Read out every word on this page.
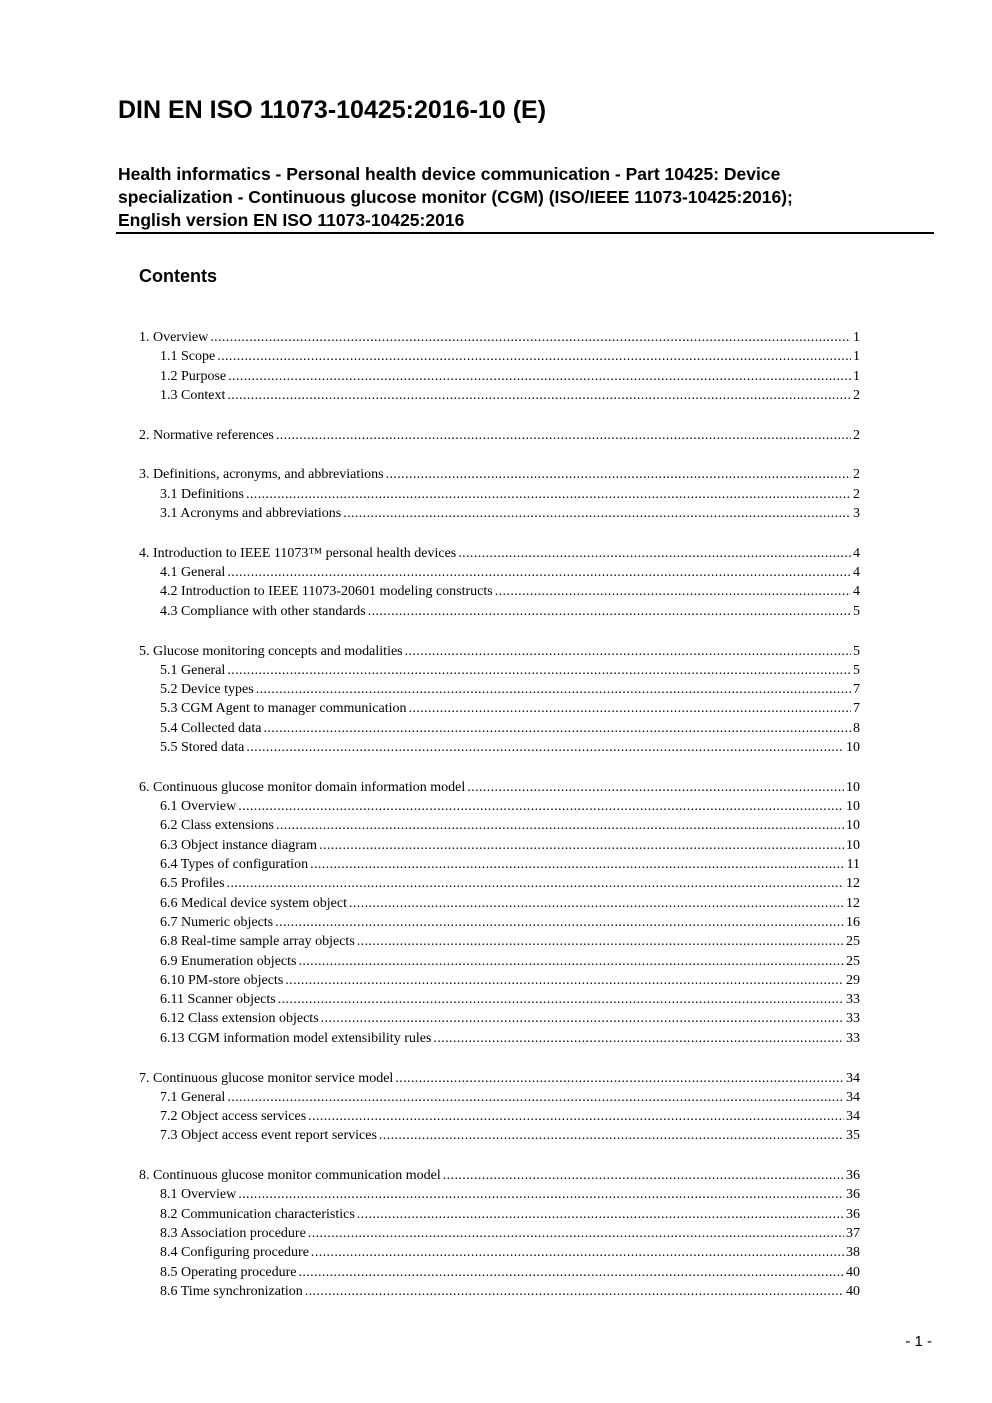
DIN EN ISO 11073-10425:2016-10 (E)
Health informatics - Personal health device communication - Part 10425: Device
specialization - Continuous glucose monitor (CGM) (ISO/IEEE 11073-10425:2016);
English version EN ISO 11073-10425:2016
Contents
1. Overview .....	1
1.1 Scope .....	1
1.2 Purpose .....	1
1.3 Context .....	2
2. Normative references .....	2
3. Definitions, acronyms, and abbreviations .....	2
3.1 Definitions .....	2
3.1 Acronyms and abbreviations .....	3
4. Introduction to IEEE 11073™ personal health devices .....	4
4.1 General .....	4
4.2 Introduction to IEEE 11073-20601 modeling constructs .....	4
4.3 Compliance with other standards .....	5
5. Glucose monitoring concepts and modalities .....	5
5.1 General .....	5
5.2 Device types .....	7
5.3 CGM Agent to manager communication .....	7
5.4 Collected data .....	8
5.5 Stored data .....	10
6. Continuous glucose monitor domain information model .....	10
6.1 Overview .....	10
6.2 Class extensions .....	10
6.3 Object instance diagram .....	10
6.4 Types of configuration .....	11
6.5 Profiles .....	12
6.6 Medical device system object .....	12
6.7 Numeric objects .....	16
6.8 Real-time sample array objects .....	25
6.9 Enumeration objects .....	25
6.10 PM-store objects .....	29
6.11 Scanner objects .....	33
6.12 Class extension objects .....	33
6.13 CGM information model extensibility rules .....	33
7. Continuous glucose monitor service model .....	34
7.1 General .....	34
7.2 Object access services .....	34
7.3 Object access event report services .....	35
8. Continuous glucose monitor communication model .....	36
8.1 Overview .....	36
8.2 Communication characteristics .....	36
8.3 Association procedure .....	37
8.4 Configuring procedure .....	38
8.5 Operating procedure .....	40
8.6 Time synchronization .....	40

- 1 -
